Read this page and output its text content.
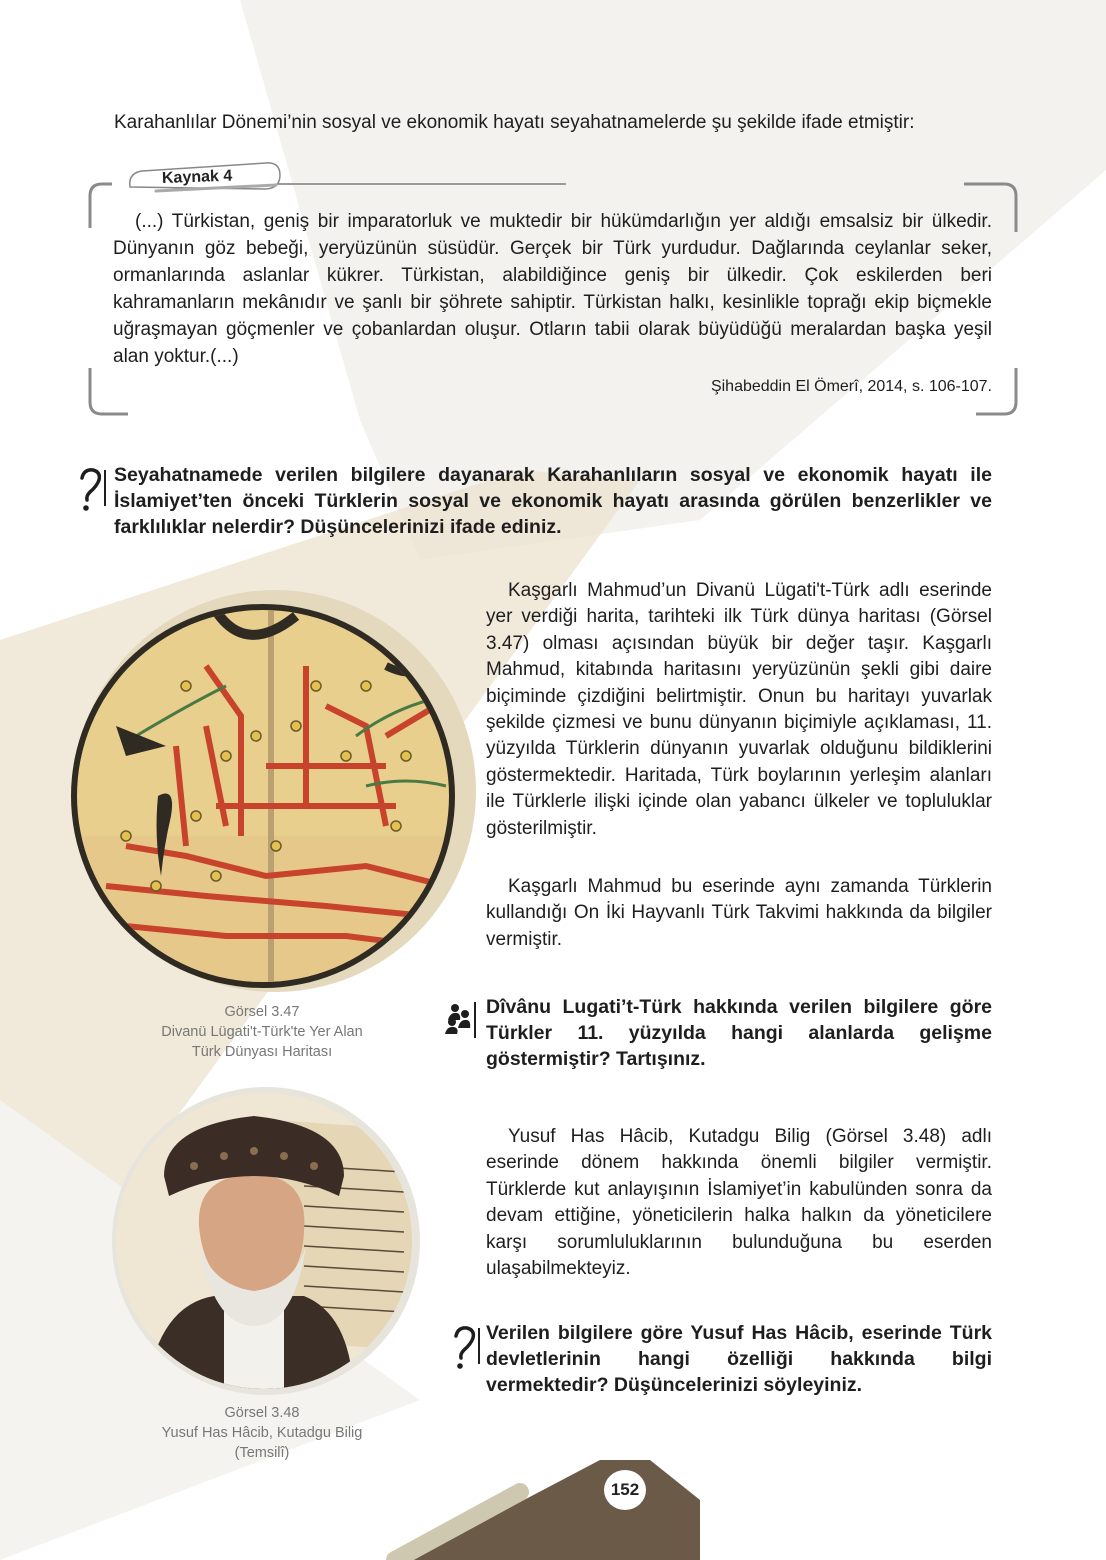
Karahanlılar Dönemi’nin sosyal ve ekonomik hayatı seyahatnamelerde şu şekilde ifade etmiştir:
Kaynak 4

(...) Türkistan, geniş bir imparatorluk ve muktedir bir hükümdarlığın yer aldığı emsalsiz bir ülkedir. Dünyanın göz bebeği, yeryüzünün süsüdür. Gerçek bir Türk yurdudur. Dağlarında ceylanlar seker, ormanlarında aslanlar kükrer. Türkistan, alabildiğince geniş bir ülkedir. Çok eskilerden beri kahramanların mekânıdır ve şanlı bir şöhrete sahiptir. Türkistan halkı, kesinlikle toprağı ekip biçmekle uğraşmayan göçmenler ve çobanlardan oluşur. Otların tabii olarak büyüdüğü meralardan başka yeşil alan yoktur.(...)

Şihabeddin El Ömerî, 2014, s. 106-107.
Seyahatnamede verilen bilgilere dayanarak Karahanlıların sosyal ve ekonomik hayatı ile İslamiyet’ten önceki Türklerin sosyal ve ekonomik hayatı arasında görülen benzerlikler ve farklılıklar nelerdir? Düşüncelerinizi ifade ediniz.
Görsel 3.47
Divanü Lügati't-Türk'te Yer Alan
Türk Dünyası Haritası

Kaşgarlı Mahmud’un Divanü Lügati't-Türk adlı eserinde yer verdiği harita, tarihteki ilk Türk dünya haritası (Görsel 3.47) olması açısından büyük bir değer taşır. Kaşgarlı Mahmud, kitabında haritasını yeryüzünün şekli gibi daire biçiminde çizdiğini belirtmiştir. Onun bu haritayı yuvarlak şekilde çizmesi ve bunu dünyanın biçimiyle açıklaması, 11. yüzyılda Türklerin dünyanın yuvarlak olduğunu bildiklerini göstermektedir. Haritada, Türk boylarının yerleşim alanları ile Türklerle ilişki içinde olan yabancı ülkeler ve topluluklar gösterilmiştir.

Kaşgarlı Mahmud bu eserinde aynı zamanda Türklerin kullandığı On İki Hayvanlı Türk Takvimi hakkında da bilgiler vermiştir.

Dîvânu Lugati’t-Türk hakkında verilen bilgilere göre Türkler 11. yüzyılda hangi alanlarda gelişme göstermiştir? Tartışınız.
Görsel 3.48
Yusuf Has Hâcib, Kutadgu Bilig
(Temsilî)

Yusuf Has Hâcib, Kutadgu Bilig (Görsel 3.48) adlı eserinde dönem hakkında önemli bilgiler vermiştir. Türklerde kut anlayışının İslamiyet’in kabulünden sonra da devam ettiğine, yöneticilerin halka halkın da yöneticilere karşı sorumluluklarının bulunduğuna bu eserden ulaşabilmekteyiz.

Verilen bilgilere göre Yusuf Has Hâcib, eserinde Türk devletlerinin hangi özelliği hakkında bilgi vermektedir? Düşüncelerinizi söyleyiniz.
152
